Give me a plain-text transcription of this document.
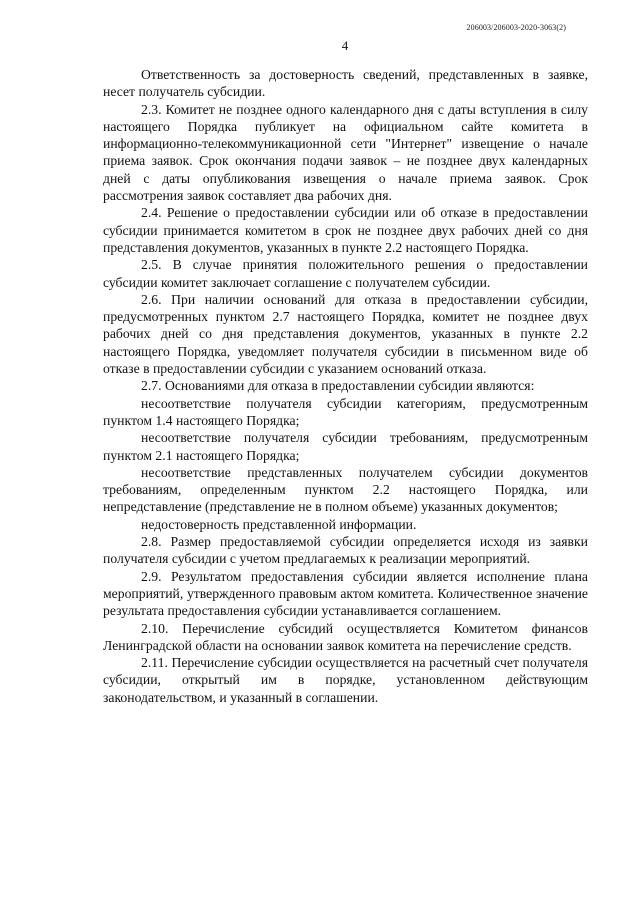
206003/206003-2020-3063(2)
4

Ответственность за достоверность сведений, представленных в заявке, несет получатель субсидии.

2.3. Комитет не позднее одного календарного дня с даты вступления в силу настоящего Порядка публикует на официальном сайте комитета в информационно-телекоммуникационной сети "Интернет" извещение о начале приема заявок. Срок окончания подачи заявок – не позднее двух календарных дней с даты опубликования извещения о начале приема заявок. Срок рассмотрения заявок составляет два рабочих дня.

2.4. Решение о предоставлении субсидии или об отказе в предоставлении субсидии принимается комитетом в срок не позднее двух рабочих дней со дня представления документов, указанных в пункте 2.2 настоящего Порядка.

2.5. В случае принятия положительного решения о предоставлении субсидии комитет заключает соглашение с получателем субсидии.

2.6. При наличии оснований для отказа в предоставлении субсидии, предусмотренных пунктом 2.7 настоящего Порядка, комитет не позднее двух рабочих дней со дня представления документов, указанных в пункте 2.2 настоящего Порядка, уведомляет получателя субсидии в письменном виде об отказе в предоставлении субсидии с указанием оснований отказа.

2.7. Основаниями для отказа в предоставлении субсидии являются:

несоответствие получателя субсидии категориям, предусмотренным пунктом 1.4 настоящего Порядка;

несоответствие получателя субсидии требованиям, предусмотренным пунктом 2.1 настоящего Порядка;

несоответствие представленных получателем субсидии документов требованиям, определенным пунктом 2.2 настоящего Порядка, или непредставление (представление не в полном объеме) указанных документов;

недостоверность представленной информации.

2.8. Размер предоставляемой субсидии определяется исходя из заявки получателя субсидии с учетом предлагаемых к реализации мероприятий.

2.9. Результатом предоставления субсидии является исполнение плана мероприятий, утвержденного правовым актом комитета. Количественное значение результата предоставления субсидии устанавливается соглашением.

2.10. Перечисление субсидий осуществляется Комитетом финансов Ленинградской области на основании заявок комитета на перечисление средств.

2.11. Перечисление субсидии осуществляется на расчетный счет получателя субсидии, открытый им в порядке, установленном действующим законодательством, и указанный в соглашении.
